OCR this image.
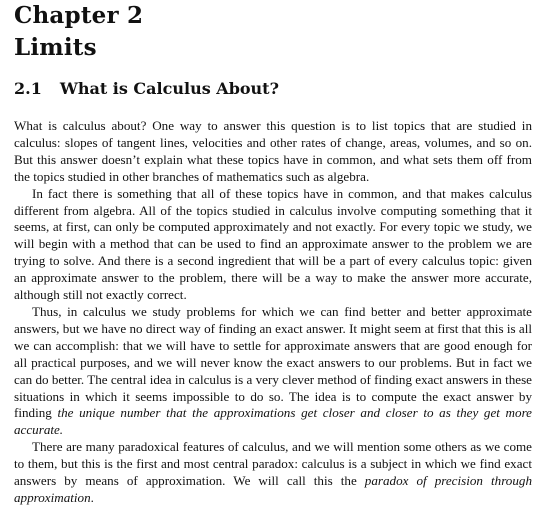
Chapter 2
Limits
2.1 What is Calculus About?

What is calculus about? One way to answer this question is to list topics that are studied in calculus: slopes of tangent lines, velocities and other rates of change, areas, volumes, and so on. But this answer doesn’t explain what these topics have in common, and what sets them off from the topics studied in other branches of mathematics such as algebra.

In fact there is something that all of these topics have in common, and that makes calculus different from algebra. All of the topics studied in calculus involve computing something that it seems, at first, can only be computed approximately and not exactly. For every topic we study, we will begin with a method that can be used to find an approximate answer to the problem we are trying to solve. And there is a second ingredient that will be a part of every calculus topic: given an approximate answer to the problem, there will be a way to make the answer more accurate, although still not exactly correct.

Thus, in calculus we study problems for which we can find better and better approximate answers, but we have no direct way of finding an exact answer. It might seem at first that this is all we can accomplish: that we will have to settle for approximate answers that are good enough for all practical purposes, and we will never know the exact answers to our problems. But in fact we can do better. The central idea in calculus is a very clever method of finding exact answers in these situations in which it seems impossible to do so. The idea is to compute the exact answer by finding the unique number that the approximations get closer and closer to as they get more accurate.

There are many paradoxical features of calculus, and we will mention some others as we come to them, but this is the first and most central paradox: calculus is a subject in which we find exact answers by means of approximation. We will call this the paradox of precision through approximation.
